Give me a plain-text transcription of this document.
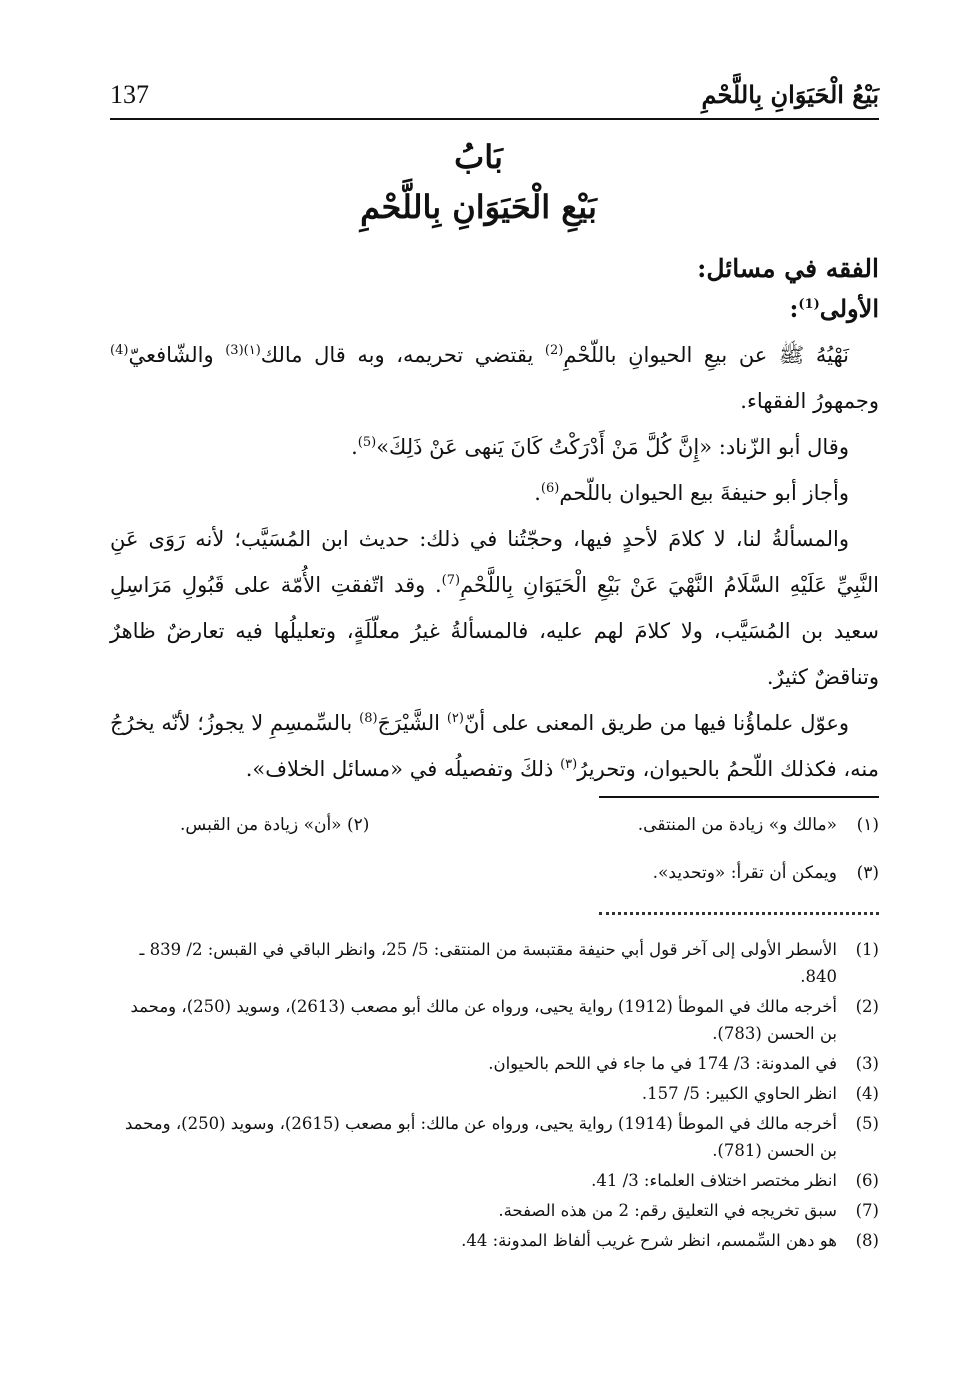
137	بَيْعُ الْحَيَوَانِ بِاللَّحْمِ
بَابُ
بَيْعِ الْحَيَوَانِ بِاللَّحْمِ
الفقه في مسائل:
الأولى$^{(1)}$:

نَهْيُهُ ﷺ عن بيعِ الحيوانِ باللّحْمِ$^{(2)}$ يقتضي تحريمه، وبه قال مالك$^{(١)(3)}$ والشّافعيّ$^{(4)}$ وجمهورُ الفقهاء.

وقال أبو الزّناد: «إِنَّ كُلَّ مَنْ أَدْرَكْتُ كَانَ يَنهى عَنْ ذَلِكَ»$^{(5)}$.

وأجاز أبو حنيفةَ بيع الحيوان باللّحم$^{(6)}$.

والمسألةُ لنا، لا كلامَ لأحدٍ فيها، وحجّتُنا في ذلك: حديث ابن المُسَيَّب؛ لأنه رَوَى عَنِ النَّبِيِّ عَلَيْهِ السَّلَامُ النَّهْيَ عَنْ بَيْعِ الْحَيَوَانِ بِاللَّحْمِ$^{(7)}$. وقد اتّفقتِ الأُمّة على قَبُولِ مَرَاسِلِ سعيد بن المُسَيَّب، ولا كلامَ لهم عليه، فالمسألةُ غيرُ معلّلَةٍ، وتعليلُها فيه تعارضٌ ظاهرٌ وتناقضٌ كثيرٌ.

وعوّل علماؤُنا فيها من طريق المعنى على أنّ$^{(٢)}$ الشَّيْرَجَ$^{(8)}$ بالسِّمسِمِ لا يجوزُ؛ لأنّه يخرُجُ منه، فكذلك اللّحمُ بالحيوان، وتحريرُ$^{(٣)}$ ذلكَ وتفصيلُه في «مسائل الخلاف».

(١)
«مالك و» زيادة من المنتقى.
(٢) «أن» زيادة من القبس.
(٣)
ويمكن أن تقرأ: «وتحديد».
(1)
الأسطر الأولى إلى آخر قول أبي حنيفة مقتبسة من المنتقى: 5/ 25، وانظر الباقي في القبس: 2/ 839 ـ 840.
(2)
أخرجه مالك في الموطأ (1912) رواية يحيى، ورواه عن مالك أبو مصعب (2613)، وسويد (250)، ومحمد بن الحسن (783).
(3)
في المدونة: 3/ 174 في ما جاء في اللحم بالحيوان.
(4)
انظر الحاوي الكبير: 5/ 157.
(5)
أخرجه مالك في الموطأ (1914) رواية يحيى، ورواه عن مالك: أبو مصعب (2615)، وسويد (250)، ومحمد بن الحسن (781).
(6)
انظر مختصر اختلاف العلماء: 3/ 41.
(7)
سبق تخريجه في التعليق رقم: 2 من هذه الصفحة.
(8)
هو دهن السِّمسم، انظر شرح غريب ألفاظ المدونة: 44.
